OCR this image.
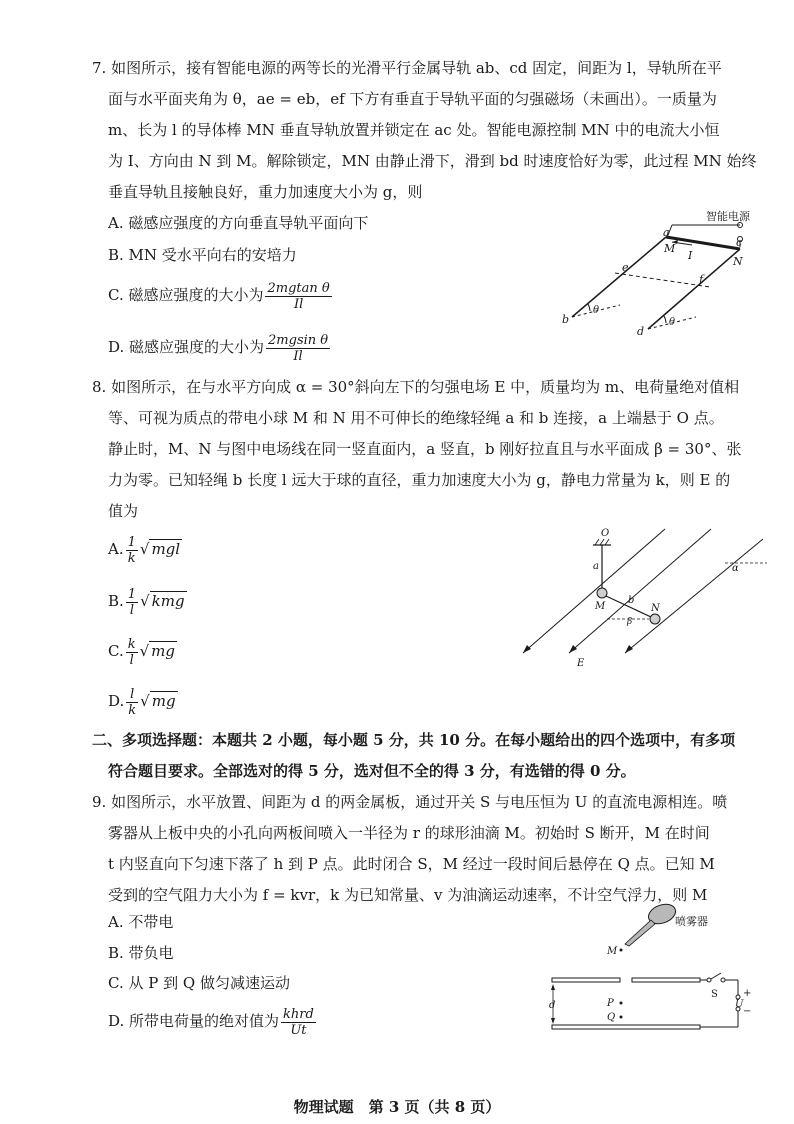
7. 如图所示，接有智能电源的两等长的光滑平行金属导轨 ab、cd 固定，间距为 l，导轨所在平
面与水平面夹角为 θ，ae = eb，ef 下方有垂直于导轨平面的匀强磁场（未画出）。一质量为
m、长为 l 的导体棒 MN 垂直导轨放置并锁定在 ac 处。智能电源控制 MN 中的电流大小恒
为 I、方向由 N 到 M。解除锁定，MN 由静止滑下，滑到 bd 时速度恰好为零，此过程 MN 始终
垂直导轨且接触良好，重力加速度大小为 g，则
A. 磁感应强度的方向垂直导轨平面向下
B. MN 受水平向右的安培力
C. 磁感应强度的大小为 $\frac{\text{2mgtan θ}}{Il}$
D. 磁感应强度的大小为 $\frac{\text{2mgsin θ}}{Il}$
智能电源
a
c
M
N
I
e
f
b
d
θ
θ
8. 如图所示，在与水平方向成 α = 30°斜向左下的匀强电场 E 中，质量均为 m、电荷量绝对值相
等、可视为质点的带电小球 M 和 N 用不可伸长的绝缘轻绳 a 和 b 连接，a 上端悬于 O 点。
静止时，M、N 与图中电场线在同一竖直面内，a 竖直，b 刚好拉直且与水平面成 β = 30°、张
力为零。已知轻绳 b 长度 l 远大于球的直径，重力加速度大小为 g，静电力常量为 k，则 E 的
值为
A. $\frac{1}{k}$ √ mgl
B. $\frac{1}{l}$ √ kmg
C. $\frac{k}{l}$ √ mg
D. $\frac{l}{k}$ √ mg
O
α
a
M
b
N
β
E
二、多项选择题：本题共 2 小题，每小题 5 分，共 10 分。在每小题给出的四个选项中，有多项
符合题目要求。全部选对的得 5 分，选对但不全的得 3 分，有选错的得 0 分。
9. 如图所示，水平放置、间距为 d 的两金属板，通过开关 S 与电压恒为 U 的直流电源相连。喷
雾器从上板中央的小孔向两板间喷入一半径为 r 的球形油滴 M。初始时 S 断开，M 在时间
t 内竖直向下匀速下落了 h 到 P 点。此时闭合 S，M 经过一段时间后悬停在 Q 点。已知 M
受到的空气阻力大小为 f = kvr，k 为已知常量、v 为油滴运动速率，不计空气浮力，则 M
A. 不带电
B. 带负电
C. 从 P 到 Q 做匀减速运动
D. 所带电荷量的绝对值为 $\frac{\text{khrd}}{Ut}$
喷雾器
M
S	+
U
−
d	P
Q
物理试题　第 3 页（共 8 页）
